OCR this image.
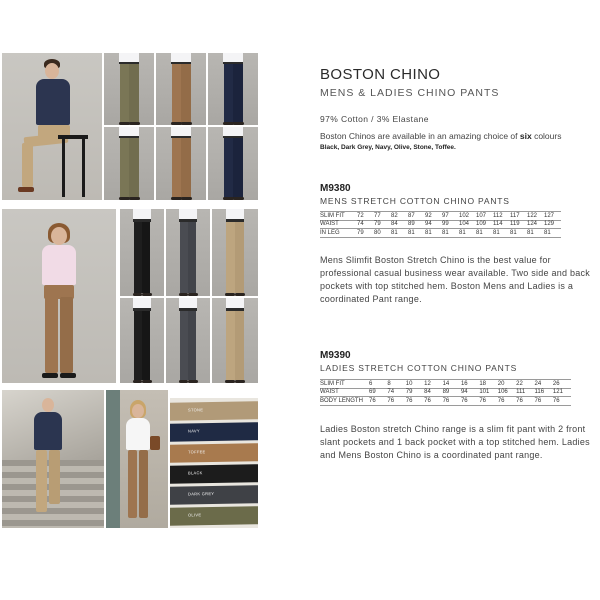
STONE
NAVY
TOFFEE
BLACK
DARK GREY
OLIVE
BOSTON CHINO
MENS & LADIES CHINO PANTS
97% Cotton / 3% Elastane
Boston Chinos are available in an amazing choice of six colours
Black, Dark Grey, Navy, Olive, Stone, Toffee.
M9380
MENS STRETCH COTTON CHINO PANTS
SLIM FIT	72	77	82	87	92	97	102	107	112	117	122	127
WAIST	74	79	84	89	94	99	104	109	114	119	124	129
IN LEG	79	80	81	81	81	81	81	81	81	81	81	81
Mens Slimfit Boston Stretch Chino is the best value for professional casual business wear available. Two side and back pockets with top stitched hem. Boston Mens and Ladies is a coordinated Pant range.
M9390
LADIES STRETCH COTTON CHINO PANTS
SLIM FIT	6	8	10	12	14	16	18	20	22	24	26
WAIST	69	74	79	84	89	94	101	106	111	116	121
BODY LENGTH	76	76	76	76	76	76	76	76	76	76	76
Ladies Boston stretch Chino range is a slim fit pant with 2 front slant pockets and 1 back pocket with a top stitched hem. Ladies and Mens Boston Chino is a coordinated pant range.
